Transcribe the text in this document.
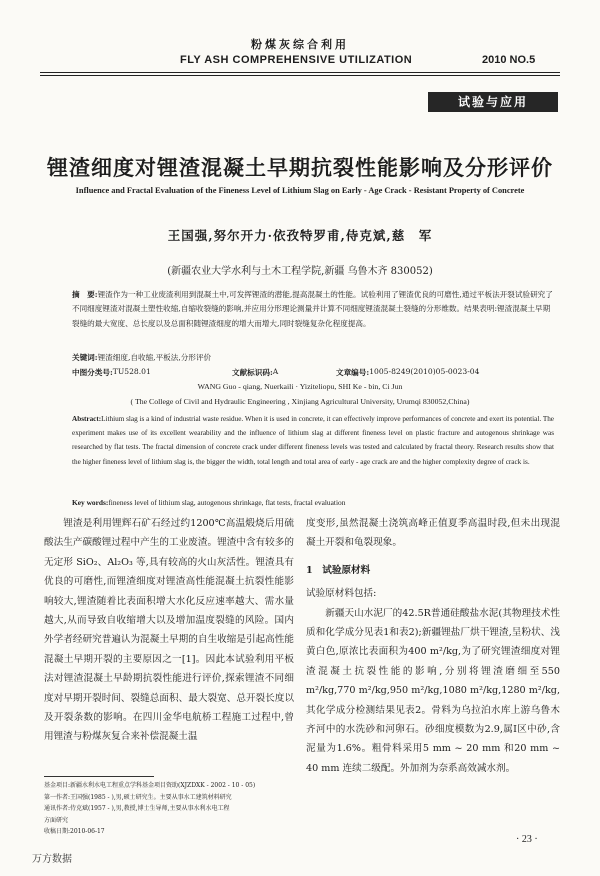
粉煤灰综合利用
FLY ASH COMPREHENSIVE UTILIZATION	2010 NO.5
试验与应用
锂渣细度对锂渣混凝土早期抗裂性能影响及分形评价
Influence and Fractal Evaluation of the Fineness Level of Lithium Slag on Early - Age Crack - Resistant Property of Concrete
王国强,努尔开力·依孜特罗甫,侍克斌,慈　军
(新疆农业大学水利与土木工程学院,新疆 乌鲁木齐 830052)
摘　要:锂渣作为一种工业废渣利用到混凝土中,可发挥锂渣的潜能,提高混凝土的性能。试验利用了锂渣优良的可磨性,通过平板法开裂试验研究了不同细度锂渣对混凝土塑性收缩,自缩收裂缝的影响,并应用分形理论测量并计算不同细度锂渣混凝土裂缝的分形维数。结果表明:锂渣混凝土早期裂缝的最大宽度、总长度以及总面积随锂渣细度的增大而增大,同时裂缝复杂化程度提高。
关键词:锂渣细度,自收缩,平板法,分形评价
中图分类号: TU528.01	文献标识码: A	文章编号: 1005-8249(2010)05-0023-04
WANG Guo - qiang, Nuerkaili · Yiziteliopu, SHI Ke - bin, Ci Jun
( The College of Civil and Hydraulic Engineering , Xinjiang Agricultural University, Urumqi 830052,China)
Abstract:Lithium slag is a kind of industrial waste residue. When it is used in concrete, it can effectively improve performances of concrete and exert its potential. The experiment makes use of its excellent wearability and the influence of lithium slag at different fineness level on plastic fracture and autogenous shrinkage was researched by flat tests. The fractal dimension of concrete crack under different fineness levels was tested and calculated by fractal theory. Research results show that the higher fineness level of lithium slag is, the bigger the width, total length and total area of early - age crack are and the higher complexity degree of crack is.
Key words:fineness level of lithium slag, autogenous shrinkage, flat tests, fractal evaluation

锂渣是利用锂辉石矿石经过约1200℃高温煅烧后用硫酸法生产碳酸锂过程中产生的工业废渣。锂渣中含有较多的无定形 SiO₂、Al₂O₃ 等,具有较高的火山灰活性。锂渣具有优良的可磨性,而锂渣细度对锂渣高性能混凝土抗裂性能影响较大,锂渣随着比表面积增大水化反应速率越大、需水量越大,从而导致自收缩增大以及增加温度裂缝的风险。国内外学者经研究普遍认为混凝土早期的自生收缩是引起高性能混凝土早期开裂的主要原因之一[1]。因此本试验利用平板法对锂渣混凝土早龄期抗裂性能进行评价,探索锂渣不同细度对早期开裂时间、裂缝总面积、最大裂宽、总开裂长度以及开裂条数的影响。在四川金华电航桥工程施工过程中,曾用锂渣与粉煤灰复合来补偿混凝土温

度变形,虽然混凝土浇筑高峰正值夏季高温时段,但未出现混凝土开裂和龟裂现象。

1　试验原材料

试验原材料包括:

新疆天山水泥厂的42.5R普通硅酸盐水泥(其物理技术性质和化学成分见表1和表2);新疆锂盐厂烘干锂渣,呈粉状、浅黄白色,原浓比表面积为400 m²/kg,为了研究锂渣细度对锂渣混凝土抗裂性能的影响,分别将锂渣磨细至550 m²/kg,770 m²/kg,950 m²/kg,1080 m²/kg,1280 m²/kg,其化学成分检测结果见表2。骨料为乌拉泊水库上游乌鲁木齐河中的水洗砂和河卵石。砂细度模数为2.9,属Ⅰ区中砂,含泥量为1.6%。粗骨料采用5 mm ~ 20 mm 和20 mm ~ 40 mm 连续二级配。外加剂为奈系高效减水剂。

基金项目:新疆水利水电工程重点学科基金项目资助(XJZDXK - 2002 - 10 - 05)
第一作者:王国强(1985 - ),男,硕士研究生。主要从事水工建筑材料研究
通讯作者:侍克斌(1957 - ),男,教授,博士生导师,主要从事水利水电工程
方面研究
收稿日期:2010-06-17
· 23 ·
万方数据
